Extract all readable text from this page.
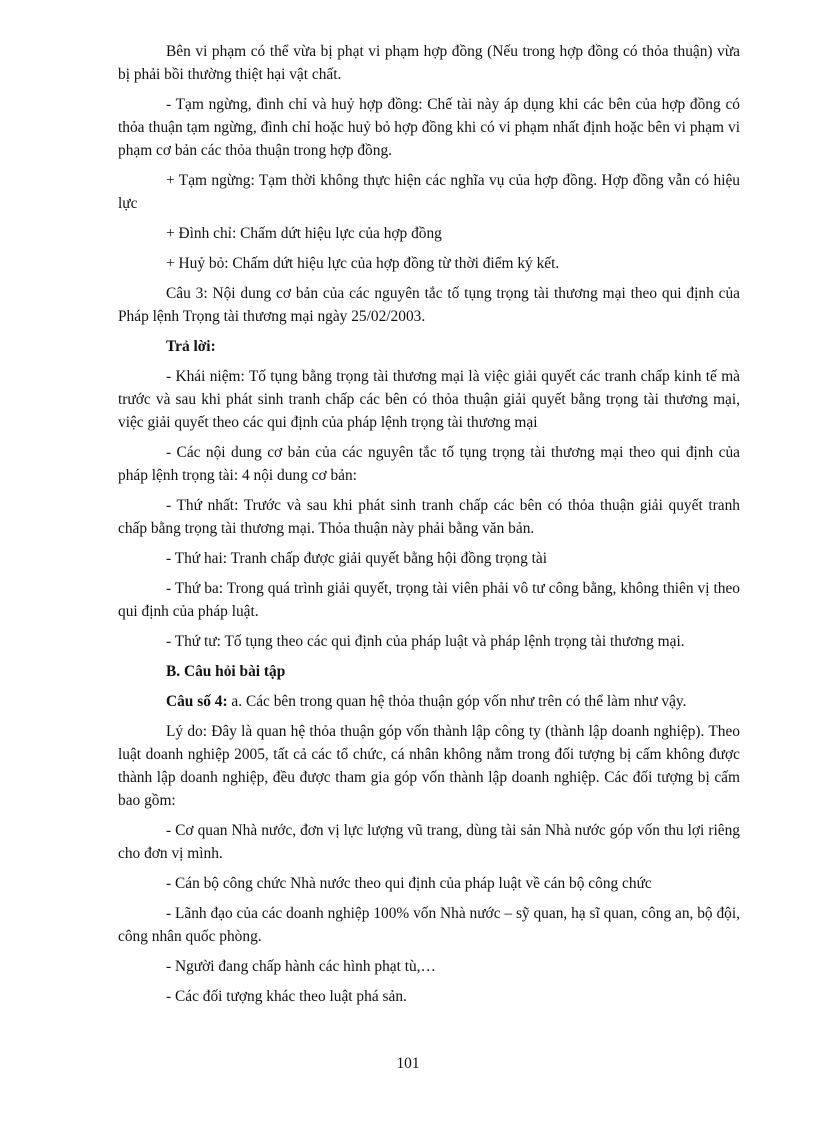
Bên vi phạm có thể vừa bị phạt vi phạm hợp đồng (Nếu trong hợp đồng có thỏa thuận) vừa bị phải bồi thường thiệt hại vật chất.

- Tạm ngừng, đình chỉ và huỷ hợp đồng: Chế tài này áp dụng khi các bên của hợp đồng có thỏa thuận tạm ngừng, đình chỉ hoặc huỷ bỏ hợp đồng khi có vi phạm nhất định hoặc bên vi phạm vi phạm cơ bản các thỏa thuận trong hợp đồng.

+ Tạm ngừng: Tạm thời không thực hiện các nghĩa vụ của hợp đồng. Hợp đồng vẫn có hiệu lực

+ Đình chỉ: Chấm dứt hiệu lực của hợp đồng

+ Huỷ bỏ: Chấm dứt hiệu lực của hợp đồng từ thời điểm ký kết.

Câu 3: Nội dung cơ bản của các nguyên tắc tố tụng trọng tài thương mại theo qui định của Pháp lệnh Trọng tài thương mại ngày 25/02/2003.

Trả lời:

- Khái niệm: Tố tụng bằng trọng tài thương mại là việc giải quyết các tranh chấp kinh tế mà trước và sau khi phát sinh tranh chấp các bên có thỏa thuận giải quyết bằng trọng tài thương mại, việc giải quyết theo các qui định của pháp lệnh trọng tài thương mại

- Các nội dung cơ bản của các nguyên tắc tố tụng trọng tài thương mại theo qui định của pháp lệnh trọng tài: 4 nội dung cơ bản:

- Thứ nhất: Trước và sau khi phát sinh tranh chấp các bên có thỏa thuận giải quyết tranh chấp bằng trọng tài thương mại. Thỏa thuận này phải bằng văn bản.

- Thứ hai: Tranh chấp được giải quyết bằng hội đồng trọng tài

- Thứ ba: Trong quá trình giải quyết, trọng tài viên phải vô tư công bằng, không thiên vị theo qui định của pháp luật.

- Thứ tư: Tố tụng theo các qui định của pháp luật và pháp lệnh trọng tài thương mại.

B. Câu hỏi bài tập

Câu số 4: a. Các bên trong quan hệ thỏa thuận góp vốn như trên có thể làm như vậy.

Lý do: Đây là quan hệ thỏa thuận góp vốn thành lập công ty (thành lập doanh nghiệp). Theo luật doanh nghiệp 2005, tất cả các tổ chức, cá nhân không nằm trong đối tượng bị cấm không được thành lập doanh nghiệp, đều được tham gia góp vốn thành lập doanh nghiệp. Các đối tượng bị cấm bao gồm:

- Cơ quan Nhà nước, đơn vị lực lượng vũ trang, dùng tài sản Nhà nước góp vốn thu lợi riêng cho đơn vị mình.

- Cán bộ công chức Nhà nước theo qui định của pháp luật về cán bộ công chức

- Lãnh đạo của các doanh nghiệp 100% vốn Nhà nước – sỹ quan, hạ sĩ quan, công an, bộ đội, công nhân quốc phòng.

- Người đang chấp hành các hình phạt tù,…

- Các đối tượng khác theo luật phá sản.

101
